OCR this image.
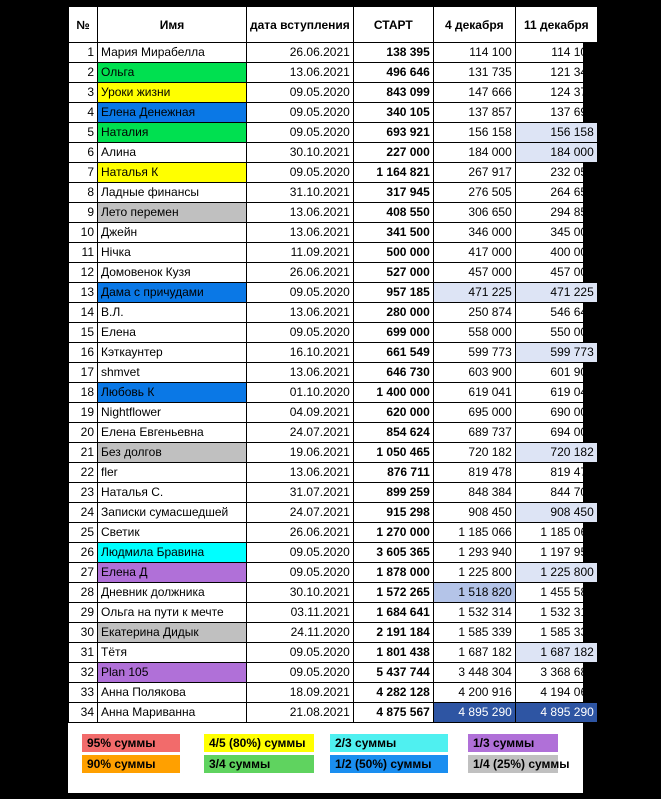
№	Имя	дата вступления	СТАРТ	4 декабря	11 декабря
1	Мария Мирабелла	26.06.2021	138 395	114 100	114 100
2	Ольга	13.06.2021	496 646	131 735	121 347
3	Уроки жизни	09.05.2020	843 099	147 666	124 379
4	Елена Денежная	09.05.2020	340 105	137 857	137 690
5	Наталия	09.05.2020	693 921	156 158	156 158
6	Алина	30.10.2021	227 000	184 000	184 000
7	Наталья К	09.05.2020	1 164 821	267 917	232 050
8	Ладные финансы	31.10.2021	317 945	276 505	264 656
9	Лето перемен	13.06.2021	408 550	306 650	294 850
10	Джейн	13.06.2021	341 500	346 000	345 000
11	Нічка	11.09.2021	500 000	417 000	400 000
12	Домовенок Кузя	26.06.2021	527 000	457 000	457 000
13	Дама с причудами	09.05.2020	957 185	471 225	471 225
14	В.Л.	13.06.2021	280 000	250 874	546 645
15	Елена	09.05.2020	699 000	558 000	550 000
16	Кэткаунтер	16.10.2021	661 549	599 773	599 773
17	shmvet	13.06.2021	646 730	603 900	601 900
18	Любовь К	01.10.2020	1 400 000	619 041	619 041
19	Nightflower	04.09.2021	620 000	695 000	690 000
20	Елена Евгеньевна	24.07.2021	854 624	689 737	694 000
21	Без долгов	19.06.2021	1 050 465	720 182	720 182
22	fler	13.06.2021	876 711	819 478	819 478
23	Наталья С.	31.07.2021	899 259	848 384	844 702
24	Записки сумасшедшей	24.07.2021	915 298	908 450	908 450
25	Светик	26.06.2021	1 270 000	1 185 066	1 185 066
26	Людмила Бравина	09.05.2020	3 605 365	1 293 940	1 197 957
27	Елена Д	09.05.2020	1 878 000	1 225 800	1 225 800
28	Дневник должника	30.10.2021	1 572 265	1 518 820	1 455 589
29	Ольга на пути к мечте	03.11.2021	1 684 641	1 532 314	1 532 314
30	Екатерина Дидык	24.11.2020	2 191 184	1 585 339	1 585 339
31	Тётя	09.05.2020	1 801 438	1 687 182	1 687 182
32	Plan 105	09.05.2020	5 437 744	3 448 304	3 368 683
33	Анна Полякова	18.09.2021	4 282 128	4 200 916	4 194 068
34	Анна Мариванна	21.08.2021	4 875 567	4 895 290	4 895 290
95% суммы
90% суммы
4/5 (80%) суммы
3/4 суммы
2/3 суммы
1/2 (50%) суммы
1/3 суммы
1/4 (25%) суммы
